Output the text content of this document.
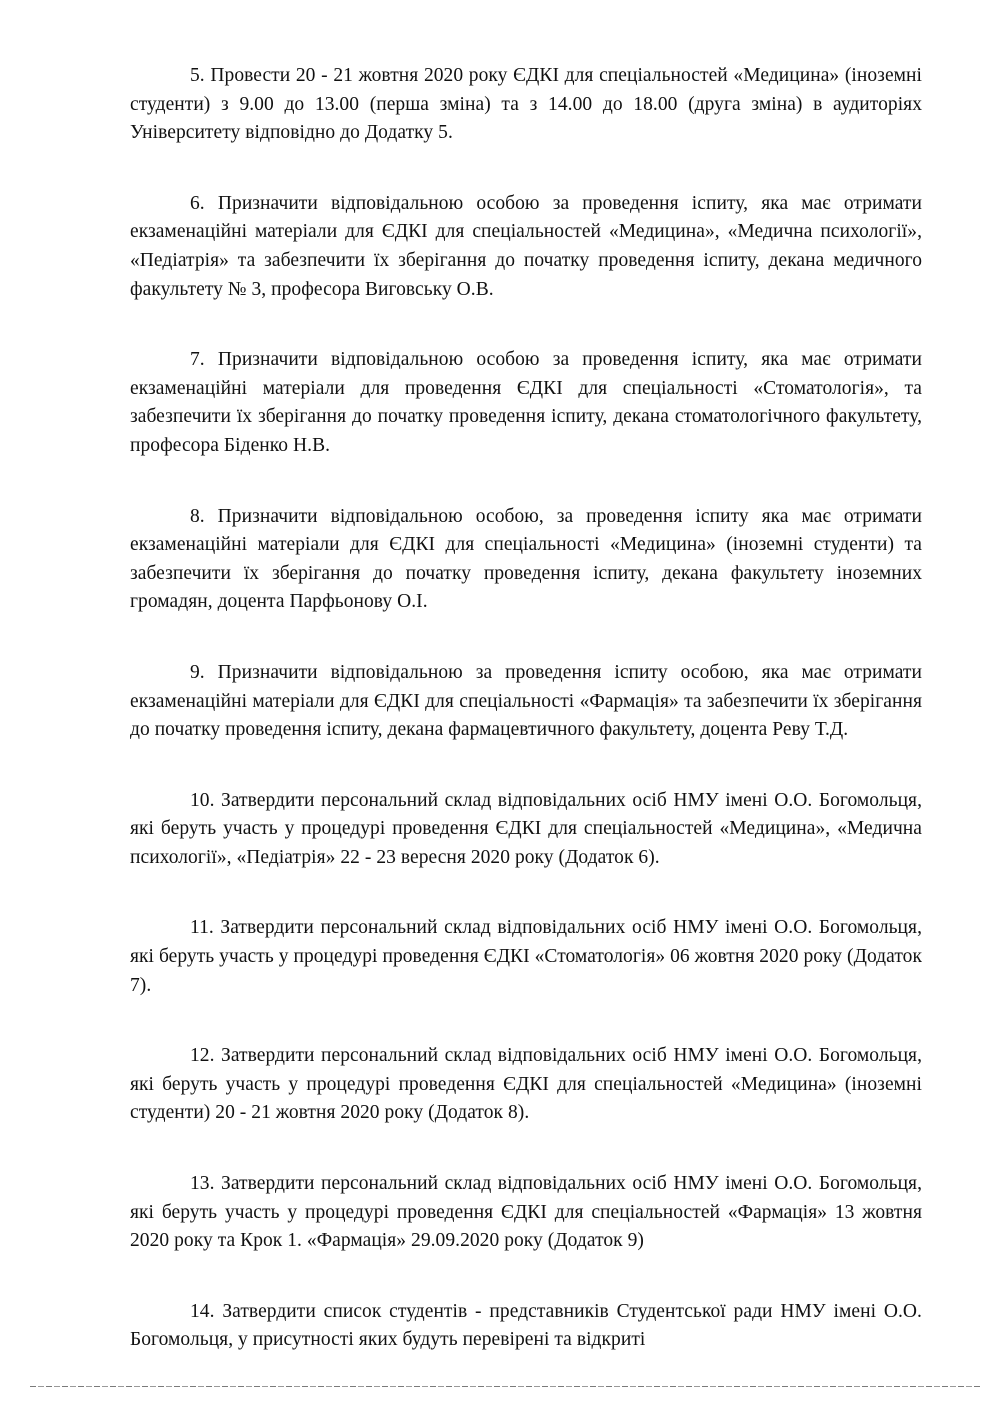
5. Провести 20 - 21 жовтня 2020 року ЄДКІ для спеціальностей «Медицина» (іноземні студенти) з 9.00 до 13.00 (перша зміна) та з 14.00 до 18.00 (друга зміна) в аудиторіях Університету відповідно до Додатку 5.

6. Призначити відповідальною особою за проведення іспиту, яка має отримати екзаменаційні матеріали для ЄДКІ для спеціальностей «Медицина», «Медична психології», «Педіатрія» та забезпечити їх зберігання до початку проведення іспиту, декана медичного факультету № 3, професора Виговську О.В.

7. Призначити відповідальною особою за проведення іспиту, яка має отримати екзаменаційні матеріали для проведення ЄДКІ для спеціальності «Стоматологія», та забезпечити їх зберігання до початку проведення іспиту, декана стоматологічного факультету, професора Біденко Н.В.

8. Призначити відповідальною особою, за проведення іспиту яка має отримати екзаменаційні матеріали для ЄДКІ для спеціальності «Медицина» (іноземні студенти) та забезпечити їх зберігання до початку проведення іспиту, декана факультету іноземних громадян, доцента Парфьонову О.І.

9. Призначити відповідальною за проведення іспиту особою, яка має отримати екзаменаційні матеріали для ЄДКІ для спеціальності «Фармація» та забезпечити їх зберігання до початку проведення іспиту, декана фармацевтичного факультету, доцента Реву Т.Д.

10. Затвердити персональний склад відповідальних осіб НМУ імені О.О. Богомольця, які беруть участь у процедурі проведення ЄДКІ для спеціальностей «Медицина», «Медична психології», «Педіатрія» 22 - 23 вересня 2020 року (Додаток 6).

11. Затвердити персональний склад відповідальних осіб НМУ імені О.О. Богомольця, які беруть участь у процедурі проведення ЄДКІ «Стоматологія» 06 жовтня 2020 року (Додаток 7).

12. Затвердити персональний склад відповідальних осіб НМУ імені О.О. Богомольця, які беруть участь у процедурі проведення ЄДКІ для спеціальностей «Медицина» (іноземні студенти) 20 - 21 жовтня 2020 року (Додаток 8).

13. Затвердити персональний склад відповідальних осіб НМУ імені О.О. Богомольця, які беруть участь у процедурі проведення ЄДКІ для спеціальностей «Фармація» 13 жовтня 2020 року та Крок 1. «Фармація» 29.09.2020 року (Додаток 9)

14. Затвердити список студентів - представників Студентської ради НМУ імені О.О. Богомольця, у присутності яких будуть перевірені та відкриті
